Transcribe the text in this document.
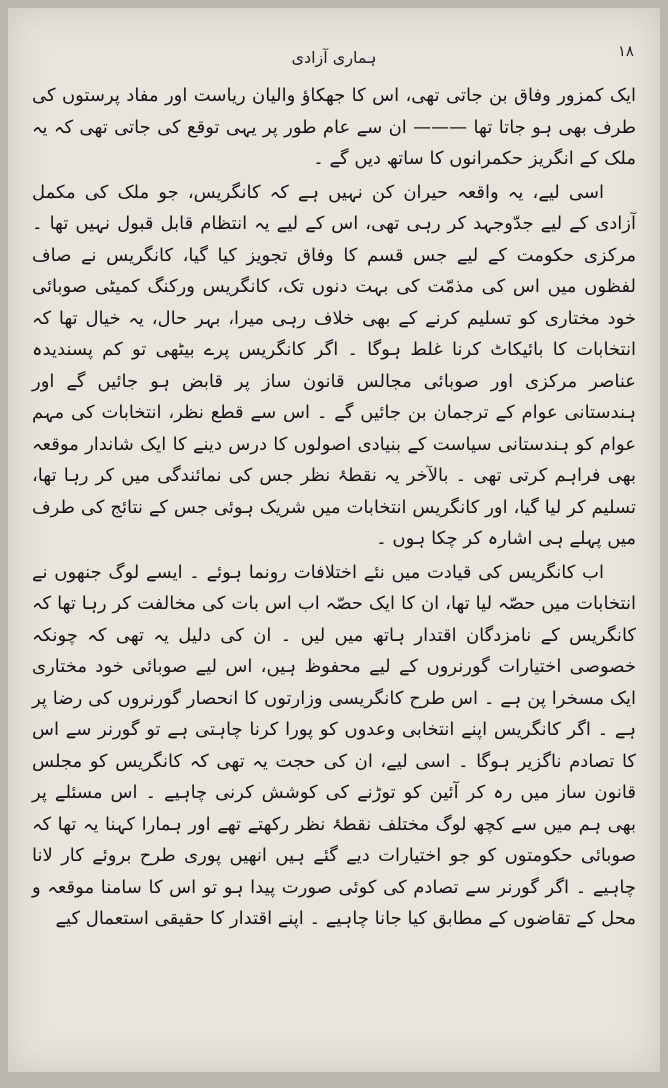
۱۸
ہماری آزادی

ایک کمزور وفاق بن جاتی تھی، اس کا جھکاؤ والیان ریاست اور مفاد پرستوں کی طرف بھی ہو جاتا تھا ——— ان سے عام طور پر یہی توقع کی جاتی تھی کہ یہ ملک کے انگریز حکمرانوں کا ساتھ دیں گے ۔

اسی لیے، یہ واقعہ حیران کن نہیں ہے کہ کانگریس، جو ملک کی مکمل آزادی کے لیے جدّوجہد کر رہی تھی، اس کے لیے یہ انتظام قابل قبول نہیں تھا ۔ مرکزی حکومت کے لیے جس قسم کا وفاق تجویز کیا گیا، کانگریس نے صاف لفظوں میں اس کی مذمّت کی بہت دنوں تک، کانگریس ورکنگ کمیٹی صوبائی خود مختاری کو تسلیم کرنے کے بھی خلاف رہی میرا، بہر حال، یہ خیال تھا کہ انتخابات کا بائیکاٹ کرنا غلط ہوگا ۔ اگر کانگریس پرے بیٹھی تو کم پسندیدہ عناصر مرکزی اور صوبائی مجالس قانون ساز پر قابض ہو جائیں گے اور ہندستانی عوام کے ترجمان بن جائیں گے ۔ اس سے قطع نظر، انتخابات کی مہم عوام کو ہندستانی سیاست کے بنیادی اصولوں کا درس دینے کا ایک شاندار موقعہ بھی فراہم کرتی تھی ۔ بالآخر یہ نقطۂ نظر جس کی نمائندگی میں کر رہا تھا، تسلیم کر لیا گیا، اور کانگریس انتخابات میں شریک ہوئی جس کے نتائج کی طرف میں پہلے ہی اشارہ کر چکا ہوں ۔

اب کانگریس کی قیادت میں نئے اختلافات رونما ہوئے ۔ ایسے لوگ جنھوں نے انتخابات میں حصّہ لیا تھا، ان کا ایک حصّہ اب اس بات کی مخالفت کر رہا تھا کہ کانگریس کے نامزدگان اقتدار ہاتھ میں لیں ۔ ان کی دلیل یہ تھی کہ چونکہ خصوصی اختیارات گورنروں کے لیے محفوظ ہیں، اس لیے صوبائی خود مختاری ایک مسخرا پن ہے ۔ اس طرح کانگریسی وزارتوں کا انحصار گورنروں کی رضا پر ہے ۔ اگر کانگریس اپنے انتخابی وعدوں کو پورا کرنا چاہتی ہے تو گورنر سے اس کا تصادم ناگزیر ہوگا ۔ اسی لیے، ان کی حجت یہ تھی کہ کانگریس کو مجلس قانون ساز میں رہ کر آئین کو توڑنے کی کوشش کرنی چاہیے ۔ اس مسئلے پر بھی ہم میں سے کچھ لوگ مختلف نقطۂ نظر رکھتے تھے اور ہمارا کہنا یہ تھا کہ صوبائی حکومتوں کو جو اختیارات دیے گئے ہیں انھیں پوری طرح بروئے کار لانا چاہیے ۔ اگر گورنر سے تصادم کی کوئی صورت پیدا ہو تو اس کا سامنا موقعہ و محل کے تقاضوں کے مطابق کیا جانا چاہیے ۔ اپنے اقتدار کا حقیقی استعمال کیے
